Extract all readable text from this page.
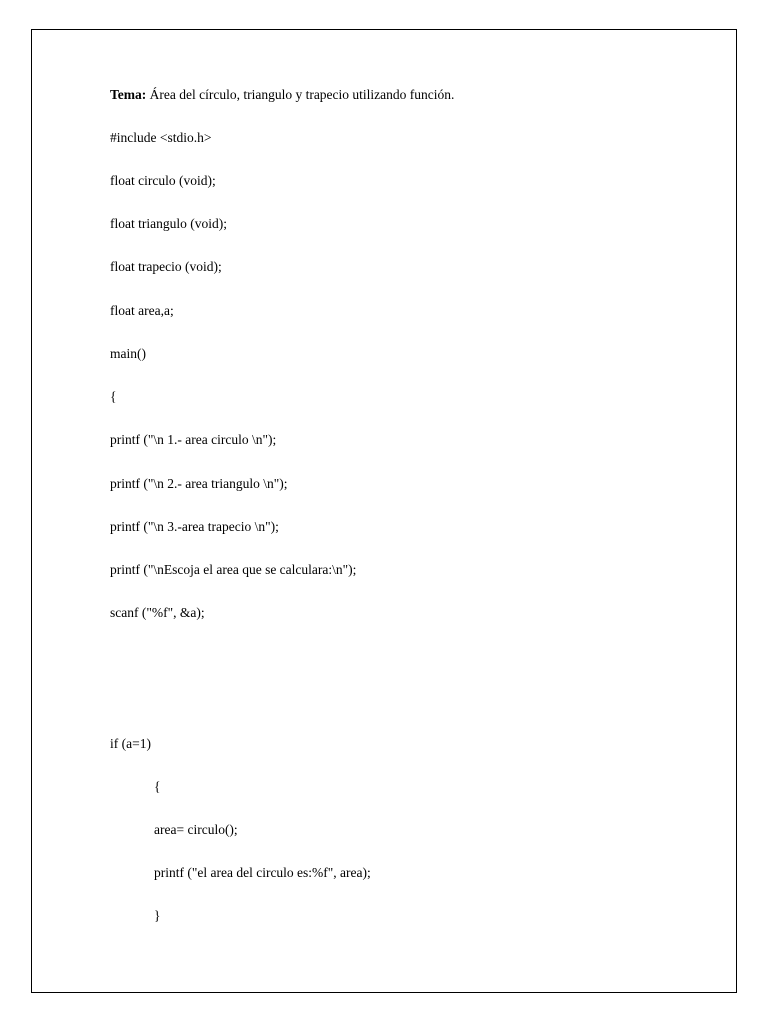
Tema: Área del círculo, triangulo y trapecio utilizando función.

#include <stdio.h>

float circulo (void);

float triangulo (void);

float trapecio (void);

float area,a;

main()

{

printf ("\n 1.- area circulo \n");

printf ("\n 2.- area triangulo \n");

printf ("\n 3.-area trapecio \n");

printf ("\nEscoja el area que se calculara:\n");

scanf ("%f", &a);

if (a=1)

{

area= circulo();

printf ("el area del circulo es:%f", area);

}
